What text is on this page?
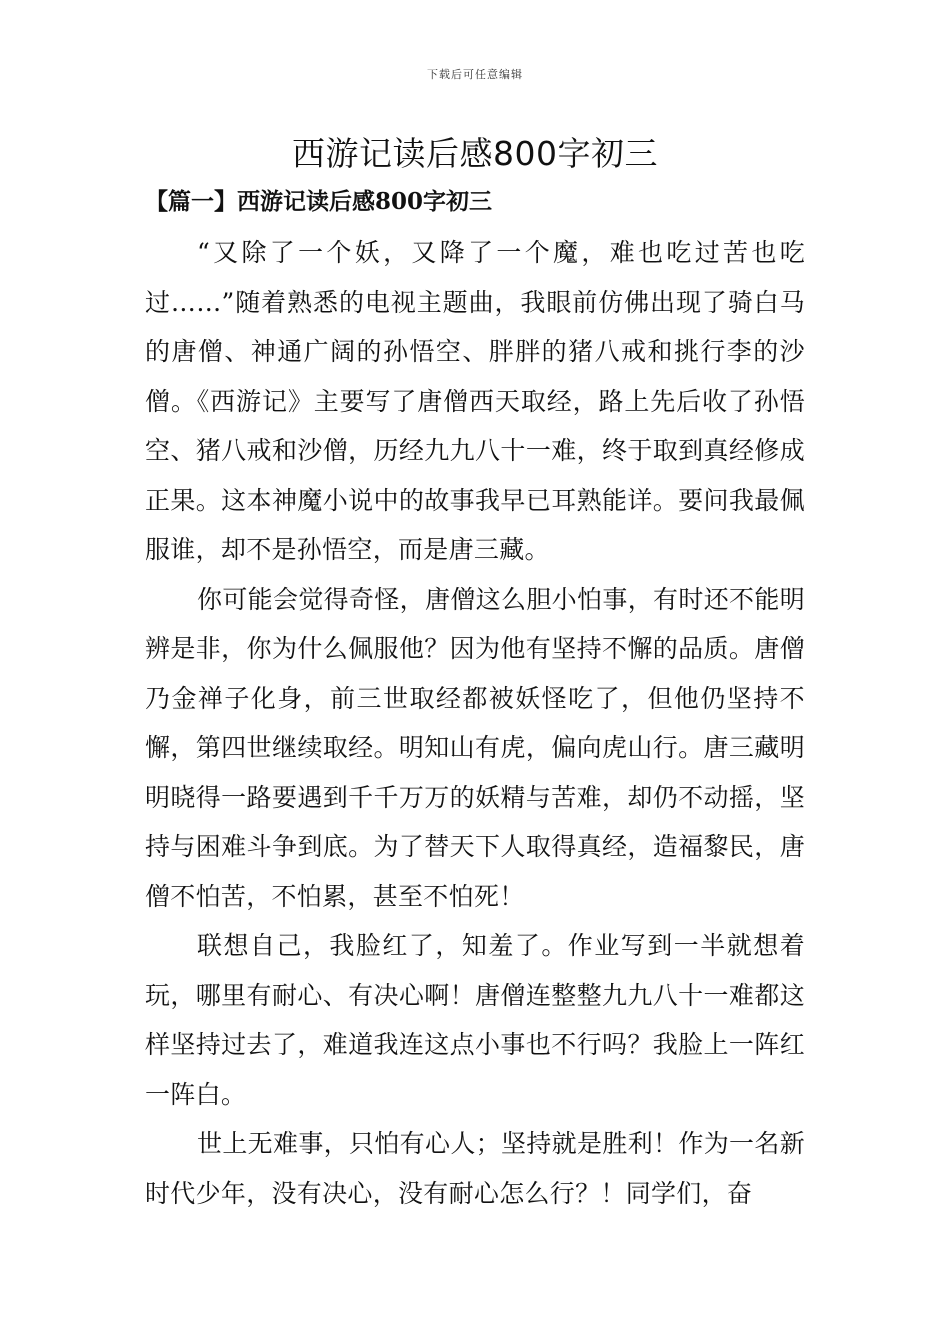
下载后可任意编辑
西游记读后感800字初三
【篇一】西游记读后感800字初三

“又除了一个妖，又降了一个魔，难也吃过苦也吃过……”随着熟悉的电视主题曲，我眼前仿佛出现了骑白马的唐僧、神通广阔的孙悟空、胖胖的猪八戒和挑行李的沙僧。《西游记》主要写了唐僧西天取经，路上先后收了孙悟空、猪八戒和沙僧，历经九九八十一难，终于取到真经修成正果。这本神魔小说中的故事我早已耳熟能详。要问我最佩服谁，却不是孙悟空，而是唐三藏。

你可能会觉得奇怪，唐僧这么胆小怕事，有时还不能明辨是非，你为什么佩服他？因为他有坚持不懈的品质。唐僧乃金禅子化身，前三世取经都被妖怪吃了，但他仍坚持不懈，第四世继续取经。明知山有虎，偏向虎山行。唐三藏明明晓得一路要遇到千千万万的妖精与苦难，却仍不动摇，坚持与困难斗争到底。为了替天下人取得真经，造福黎民，唐僧不怕苦，不怕累，甚至不怕死！

联想自己，我脸红了，知羞了。作业写到一半就想着玩，哪里有耐心、有决心啊！唐僧连整整九九八十一难都这样坚持过去了，难道我连这点小事也不行吗？我脸上一阵红一阵白。

世上无难事，只怕有心人；坚持就是胜利！作为一名新时代少年，没有决心，没有耐心怎么行？！同学们，奋
